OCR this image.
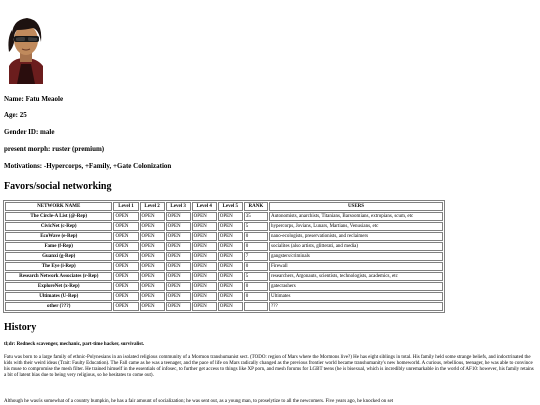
Name: Fatu Meaole
Age: 25
Gender ID: male
present morph: ruster (premium)
Motivations: -Hypercorps, +Family, +Gate Colonization
Favors/social networking
NETWORK NAME	Level 1	Level 2	Level 3	Level 4	Level 5	RANK	USERS
The Circle-A List (@-Rep)	OPEN	OPEN	OPEN	OPEN	OPEN	35	Autonomists, anarchists, Titanians, Barsoomians, extropians, scum, etc
CivicNet (c-Rep)	OPEN	OPEN	OPEN	OPEN	OPEN	5	hypercorps, Jovians, Lunars, Martians, Venusians, etc
EcoWave (e-Rep)	OPEN	OPEN	OPEN	OPEN	OPEN	0	nano-ecologists, preservationists, and reclaimers
Fame (f-Rep)	OPEN	OPEN	OPEN	OPEN	OPEN	0	socialites (also artists, glitterati, and media)
Guanxi (g-Rep)	OPEN	OPEN	OPEN	OPEN	OPEN	7	gangsters/criminals
The Eye (i-Rep)	OPEN	OPEN	OPEN	OPEN	OPEN	0	Firewall
Research Network Associates (r-Rep)	OPEN	OPEN	OPEN	OPEN	OPEN	5	researchers, Argonauts, scientists, technologists, academics, etc
ExploreNet (x-Rep)	OPEN	OPEN	OPEN	OPEN	OPEN	0	gatecrashers
Ultimates (U-Rep)	OPEN	OPEN	OPEN	OPEN	OPEN	0	Ultimates
other (???)	OPEN	OPEN	OPEN	OPEN	OPEN		???
History
tl;dr: Redneck scavenger, mechanic, part-time hacker, survivalist.
Fatu was born to a large family of ethnic-Polynesians in an isolated religious community of a Mormon transhumanist sect. (TODO: region of Mars where the Mormons live?) He has eight siblings in total. His family held some strange beliefs, and indoctrinated the kids with their weird ideas (Trait: Faulty Education). The Fall came as he was a teenager, and the pace of life on Mars radically changed as the previous frontier world became transhumanity's new homeworld. A curious, rebellious, teenager, he was able to convince his muse to compromise the mesh filter. He trained himself in the essentials of infosec, to further get access to things like XP porn, and mesh forums for LGBT teens (he is bisexual, which is incredibly unremarkable in the world of AF10: however, his family retains a bit of latent bias due to being very religious, so he hesitates to come out).
Although he was/is somewhat of a country bumpkin, he has a fair amount of socialization; he was sent out, as a young man, to proselytize to all the newcomers. Five years ago, he knocked on set
